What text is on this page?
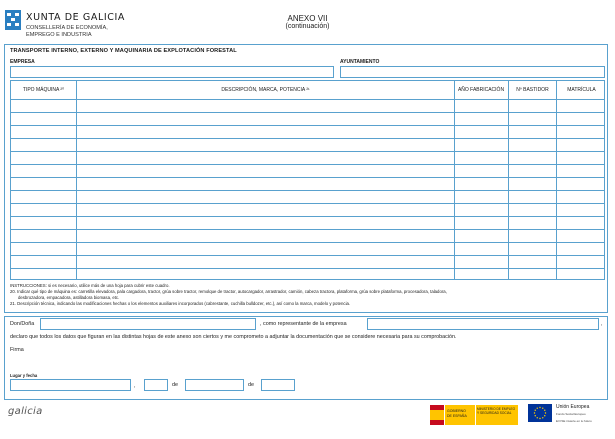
XUNTA DE GALICIA
CONSELLERÍA DE ECONOMÍA,
EMPREGO E INDUSTRIA
ANEXO VII
(continuación)
TRANSPORTE INTERNO, EXTERNO Y MAQUINARIA DE EXPLOTACIÓN FORESTAL
EMPRESA	AYUNTAMIENTO
TIPO MÁQUINA ²⁰	DESCRIPCIÓN, MARCA, POTENCIA ²¹	AÑO FABRICACIÓN	Nº BASTIDOR	MATRÍCULA
INSTRUCCIONES: si es necesario, utilice más de una hoja para cubrir este cuadro.
20. Indicar qué tipo de máquina es: carretilla elevadora, pala cargadora, tractor, grúa sobre tractor, remolque de tractor, autocargador, arrastrador, camión, cabeza tractora, plataforma, grúa sobre plataforma, procesadora, taladora,
desbrozadora, empacadora, astilladora biomasa, etc.
21. Descripción técnica, indicando las modificaciones hechas o los elementos auxiliares incorporados (cabrestante, cuchilla bulldozer, etc.), así como la marca, modelo y potencia.
Don/Doña	, como representante de la empresa	,
declaro que todos los datos que figuran en las distintas hojas de este anexo son ciertos y me comprometo a adjuntar la documentación que se considere necesaria para su comprobación.
Firma
Lugar y fecha
,	de	de
galicia	GOBIERNO
DE ESPAÑA
MINISTERIO DE EMPLEO Y SEGURIDAD SOCIAL
Unión Europea
Fondo Social Europeo
El FSE invierte en tu futuro
